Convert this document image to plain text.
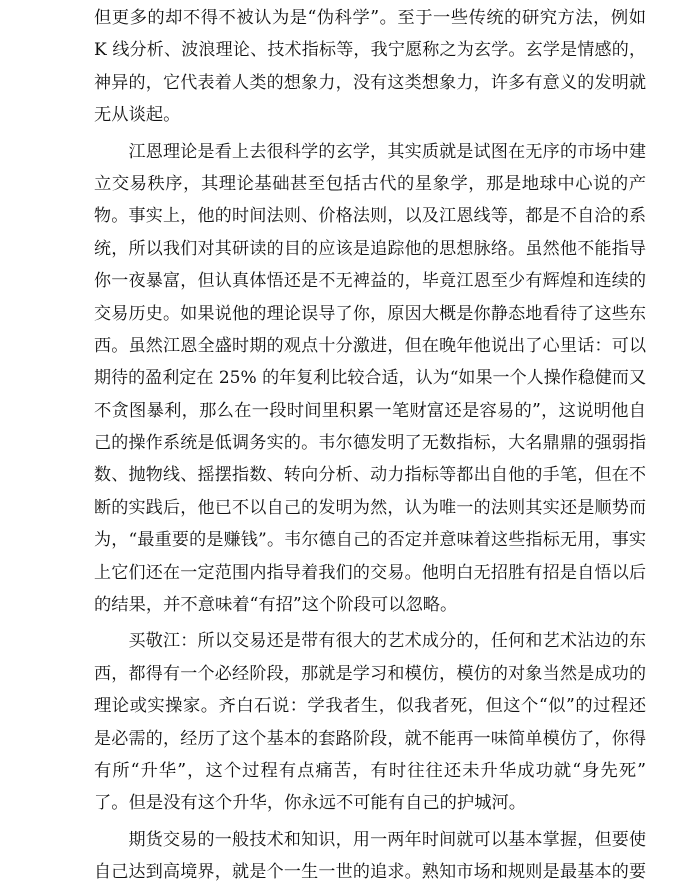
但更多的却不得不被认为是“伪科学”。至于一些传统的研究方法，例如
K 线分析、波浪理论、技术指标等，我宁愿称之为玄学。玄学是情感的，
神异的，它代表着人类的想象力，没有这类想象力，许多有意义的发明就
无从谈起。
　　江恩理论是看上去很科学的玄学，其实质就是试图在无序的市场中建
立交易秩序，其理论基础甚至包括古代的星象学，那是地球中心说的产
物。事实上，他的时间法则、价格法则，以及江恩线等，都是不自洽的系
统，所以我们对其研读的目的应该是追踪他的思想脉络。虽然他不能指导
你一夜暴富，但认真体悟还是不无裨益的，毕竟江恩至少有辉煌和连续的
交易历史。如果说他的理论误导了你，原因大概是你静态地看待了这些东
西。虽然江恩全盛时期的观点十分激进，但在晚年他说出了心里话：可以
期待的盈利定在 25% 的年复利比较合适，认为“如果一个人操作稳健而又
不贪图暴利，那么在一段时间里积累一笔财富还是容易的”，这说明他自
己的操作系统是低调务实的。韦尔德发明了无数指标，大名鼎鼎的强弱指
数、抛物线、摇摆指数、转向分析、动力指标等都出自他的手笔，但在不
断的实践后，他已不以自己的发明为然，认为唯一的法则其实还是顺势而
为，“最重要的是赚钱”。韦尔德自己的否定并意味着这些指标无用，事实
上它们还在一定范围内指导着我们的交易。他明白无招胜有招是自悟以后
的结果，并不意味着“有招”这个阶段可以忽略。
　　买敬江：所以交易还是带有很大的艺术成分的，任何和艺术沾边的东
西，都得有一个必经阶段，那就是学习和模仿，模仿的对象当然是成功的
理论或实操家。齐白石说：学我者生，似我者死，但这个“似”的过程还
是必需的，经历了这个基本的套路阶段，就不能再一味简单模仿了，你得
有所“升华”，这个过程有点痛苦，有时往往还未升华成功就“身先死”
了。但是没有这个升华，你永远不可能有自己的护城河。
　　期货交易的一般技术和知识，用一两年时间就可以基本掌握，但要使
自己达到高境界，就是个一生一世的追求。熟知市场和规则是最基本的要
